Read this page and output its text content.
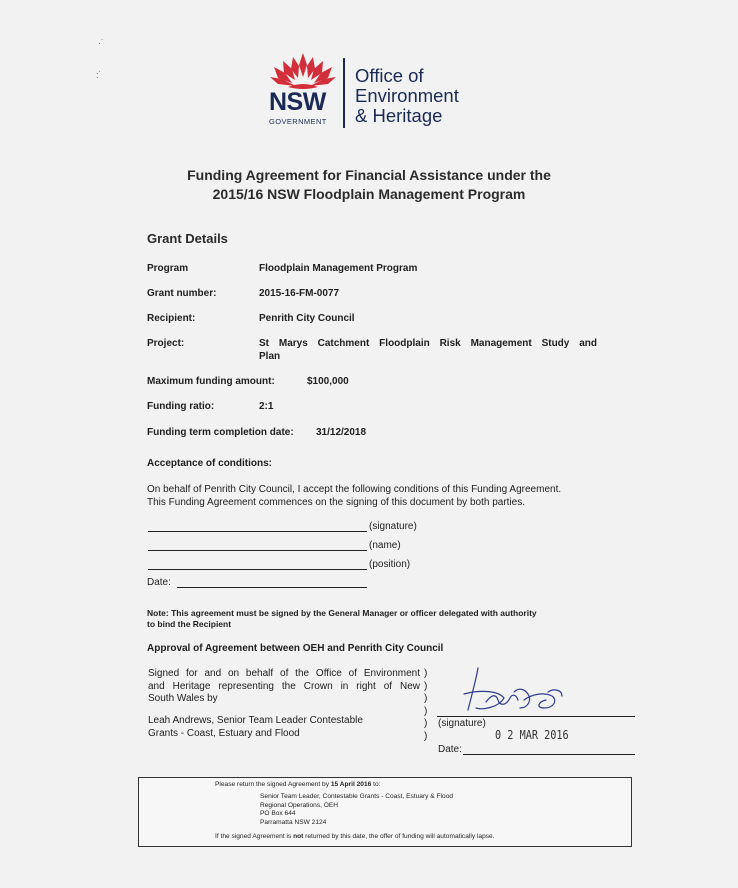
·˙
:˙
NSW
GOVERNMENT
Office of
Environment
& Heritage
Funding Agreement for Financial Assistance under the
2015/16 NSW Floodplain Management Program
Grant Details
Program	Floodplain Management Program
Grant number:	2015-16-FM-0077
Recipient:	Penrith City Council
Project:	St Marys Catchment Floodplain Risk Management Study and
Plan
Maximum funding amount:	$100,000
Funding ratio:	2:1
Funding term completion date: 31/12/2018
Acceptance of conditions:
On behalf of Penrith City Council, I accept the following conditions of this Funding Agreement.
This Funding Agreement commences on the signing of this document by both parties.
(signature)
(name)
(position)
Date:
Note: This agreement must be signed by the General Manager or officer delegated with authority
to bind the Recipient
Approval of Agreement between OEH and Penrith City Council
Signed for and on behalf of the Office of Environment
and Heritage representing the Crown in right of New
South Wales by
Leah Andrews, Senior Team Leader Contestable
Grants - Coast, Estuary and Flood
)
)
)
)
)
)
(signature)
0 2 MAR 2016
Date:
Please return the signed Agreement by 15 April 2016 to:
Senior Team Leader, Contestable Grants - Coast, Estuary & Flood
Regional Operations, OEH
PO Box 644
Parramatta NSW 2124
If the signed Agreement is not returned by this date, the offer of funding will automatically lapse.
